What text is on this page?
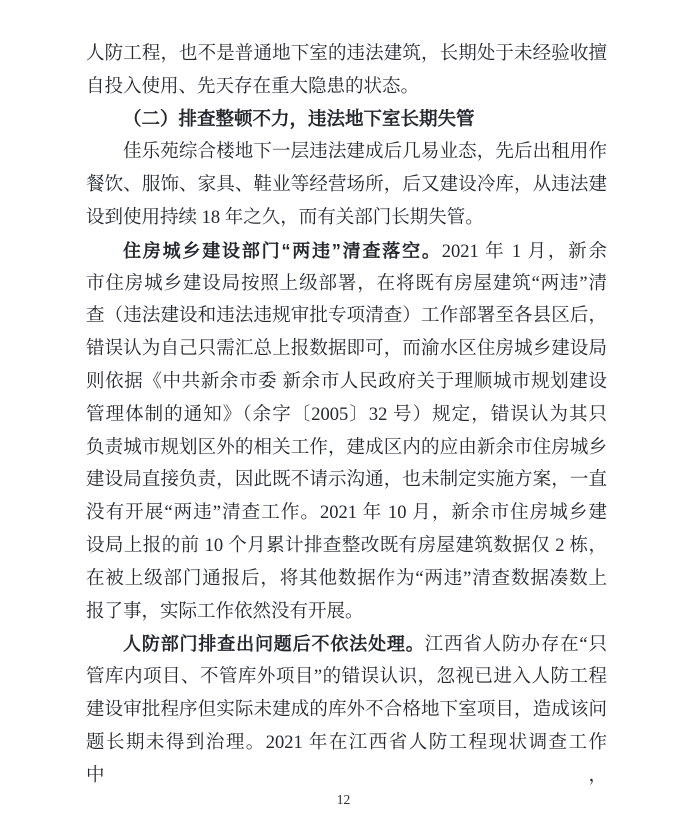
人防工程，也不是普通地下室的违法建筑，长期处于未经验收擅
自投入使用、先天存在重大隐患的状态。
（二）排查整顿不力，违法地下室长期失管
佳乐苑综合楼地下一层违法建成后几易业态，先后出租用作
餐饮、服饰、家具、鞋业等经营场所，后又建设冷库，从违法建
设到使用持续 18 年之久，而有关部门长期失管。
住房城乡建设部门“两违”清查落空。2021 年 1 月，新余
市住房城乡建设局按照上级部署，在将既有房屋建筑“两违”清
查（违法建设和违法违规审批专项清查）工作部署至各县区后，
错误认为自己只需汇总上报数据即可，而渝水区住房城乡建设局
则依据《中共新余市委 新余市人民政府关于理顺城市规划建设
管理体制的通知》（余字〔2005〕32 号）规定，错误认为其只
负责城市规划区外的相关工作，建成区内的应由新余市住房城乡
建设局直接负责，因此既不请示沟通，也未制定实施方案，一直
没有开展“两违”清查工作。2021 年 10 月，新余市住房城乡建
设局上报的前 10 个月累计排查整改既有房屋建筑数据仅 2 栋，
在被上级部门通报后，将其他数据作为“两违”清查数据凑数上
报了事，实际工作依然没有开展。
人防部门排查出问题后不依法处理。江西省人防办存在“只
管库内项目、不管库外项目”的错误认识，忽视已进入人防工程
建设审批程序但实际未建成的库外不合格地下室项目，造成该问
题长期未得到治理。2021 年在江西省人防工程现状调查工作中，
12
